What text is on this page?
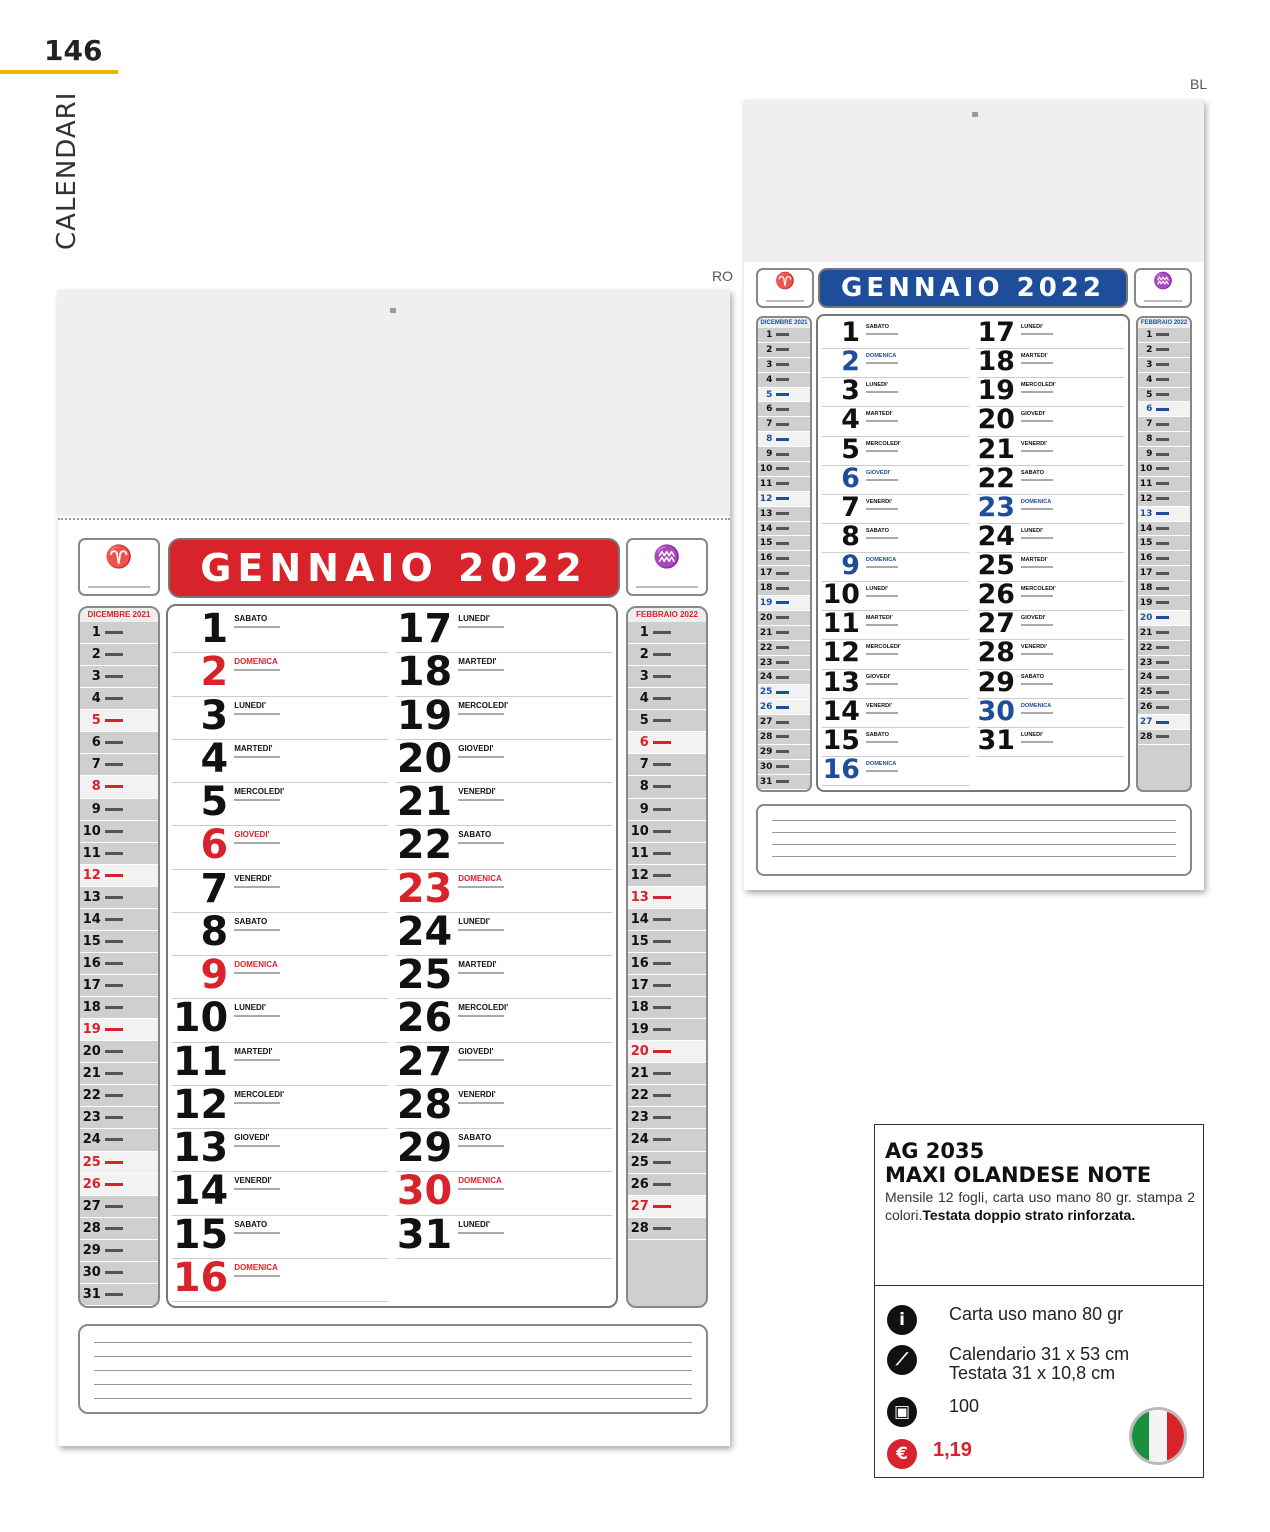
146
CALENDARI
RO
BL
♈	GENNAIO 2022	♒
DICEMBRE 2021
1
2
3
4
5
6
7
8
9
10
11
12
13
14
15
16
17
18
19
20
21
22
23
24
25
26
27
28
29
30
31
1 SABATO
2 DOMENICA
3 LUNEDI'
4 MARTEDI'
5 MERCOLEDI'
6 GIOVEDI'
7 VENERDI'
8 SABATO
9 DOMENICA
10 LUNEDI'
11 MARTEDI'
12 MERCOLEDI'
13 GIOVEDI'
14 VENERDI'
15 SABATO
16 DOMENICA
17 LUNEDI'
18 MARTEDI'
19 MERCOLEDI'
20 GIOVEDI'
21 VENERDI'
22 SABATO
23 DOMENICA
24 LUNEDI'
25 MARTEDI'
26 MERCOLEDI'
27 GIOVEDI'
28 VENERDI'
29 SABATO
30 DOMENICA
31 LUNEDI'
FEBBRAIO 2022
1
2
3
4
5
6
7
8
9
10
11
12
13
14
15
16
17
18
19
20
21
22
23
24
25
26
27
28
♈	GENNAIO 2022	♒
DICEMBRE 2021
1
2
3
4
5
6
7
8
9
10
11
12
13
14
15
16
17
18
19
20
21
22
23
24
25
26
27
28
29
30
31
1 SABATO
2 DOMENICA
3 LUNEDI'
4 MARTEDI'
5 MERCOLEDI'
6 GIOVEDI'
7 VENERDI'
8 SABATO
9 DOMENICA
10 LUNEDI'
11 MARTEDI'
12 MERCOLEDI'
13 GIOVEDI'
14 VENERDI'
15 SABATO
16 DOMENICA
17 LUNEDI'
18 MARTEDI'
19 MERCOLEDI'
20 GIOVEDI'
21 VENERDI'
22 SABATO
23 DOMENICA
24 LUNEDI'
25 MARTEDI'
26 MERCOLEDI'
27 GIOVEDI'
28 VENERDI'
29 SABATO
30 DOMENICA
31 LUNEDI'
FEBBRAIO 2022
1
2
3
4
5
6
7
8
9
10
11
12
13
14
15
16
17
18
19
20
21
22
23
24
25
26
27
28
AG 2035
MAXI OLANDESE NOTE
Mensile 12 fogli, carta uso mano 80 gr. stampa 2 colori.Testata doppio strato rinforzata.
i	Carta uso mano 80 gr
⟋	Calendario 31 x 53 cm
Testata 31 x 10,8 cm
▣	100
€	1,19
